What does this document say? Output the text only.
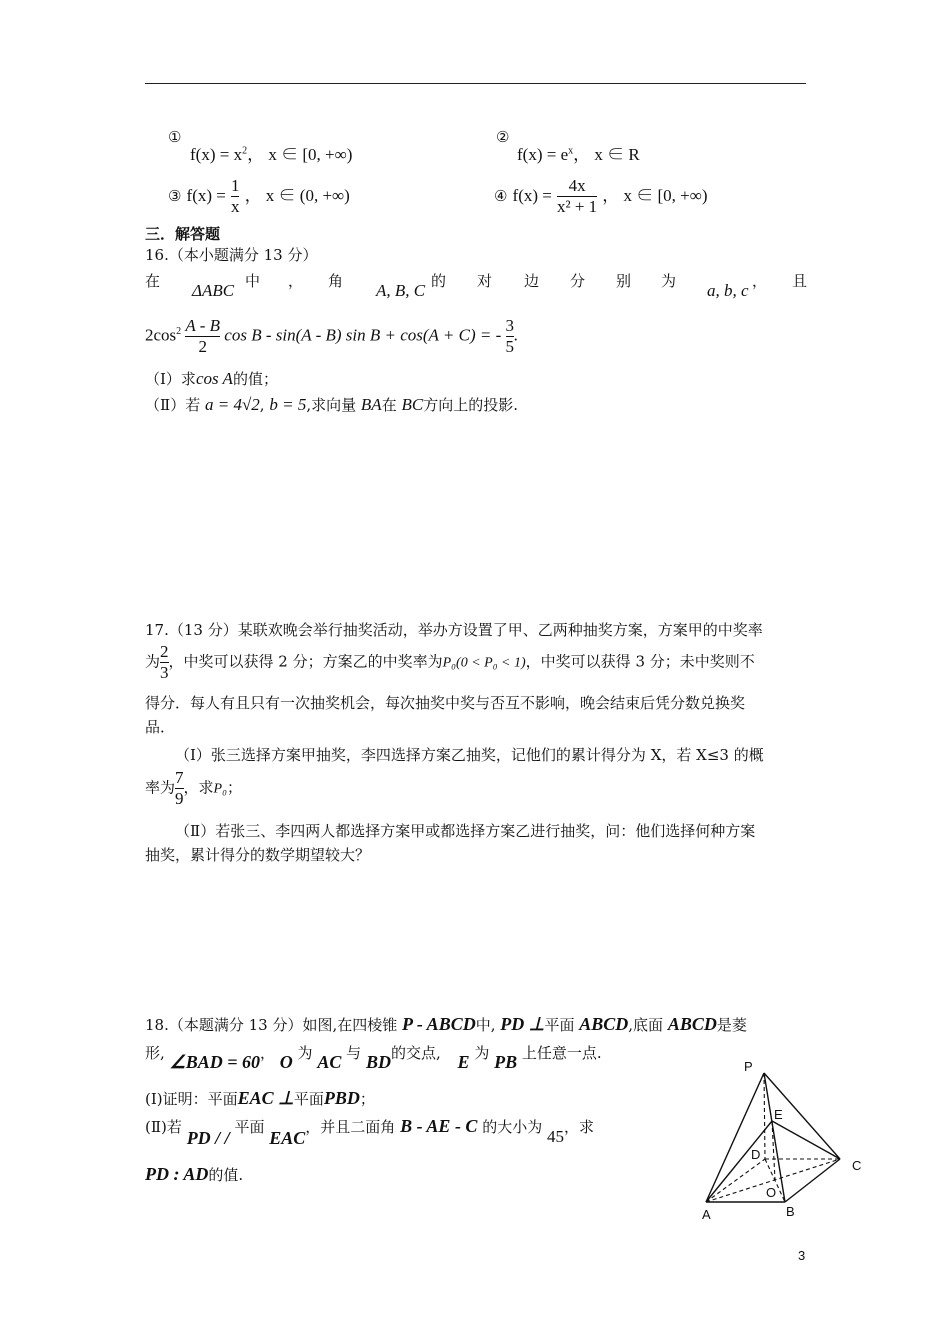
①
$f(x) = x^2$， x ∈ [0, +∞)
②
$f(x) = e^x$， x ∈ R
③ $f(x) = \frac{1}{x}$ ， x ∈ (0, +∞)	④ $f(x) = \frac{4x}{\text{x² + 1}}$ ， x ∈ [0, +∞)
三．解答题
16.（本小题满分 13 分）
在 ΔABC 中 ， 角 A, B, C 的 对 边 分 别 为 a, b, c ， 且
$2\cos^2 \frac{A - B}{2}$ cos B - sin(A - B) sin B + cos(A + C) = - $\frac{3}{5}$ .
（Ⅰ）求cos A的值；
（Ⅱ）若 a = 4√2, b = 5,求向量 BA在 BC方向上的投影.
17.（13 分）某联欢晚会举行抽奖活动，举办方设置了甲、乙两种抽奖方案，方案甲的中奖率
为 $\frac{2}{3}$ ，中奖可以获得 2 分；方案乙的中奖率为P₀(0 < P₀ < 1)，中奖可以获得 3 分；未中奖则不
得分．每人有且只有一次抽奖机会，每次抽奖中奖与否互不影响，晚会结束后凭分数兑换奖
品．
（Ⅰ）张三选择方案甲抽奖，李四选择方案乙抽奖，记他们的累计得分为 X，若 X≤3 的概
率为 $\frac{7}{9}$ ，求P₀；
（Ⅱ）若张三、李四两人都选择方案甲或都选择方案乙进行抽奖，问：他们选择何种方案
抽奖，累计得分的数学期望较大？
18.（本题满分 13 分）如图,在四棱锥 P - ABCD中, PD ⊥平面 ABCD,底面 ABCD是菱
形, ∠BAD = 60， O 为 AC 与 BD的交点, E 为 PB 上任意一点.
(Ⅰ)证明：平面EAC ⊥平面PBD；
(Ⅱ)若 PD / / 平面 EAC，并且二面角 B - AE - C 的大小为 45，求
PD : AD的值.
P
E
D
C
O
A	B
3
